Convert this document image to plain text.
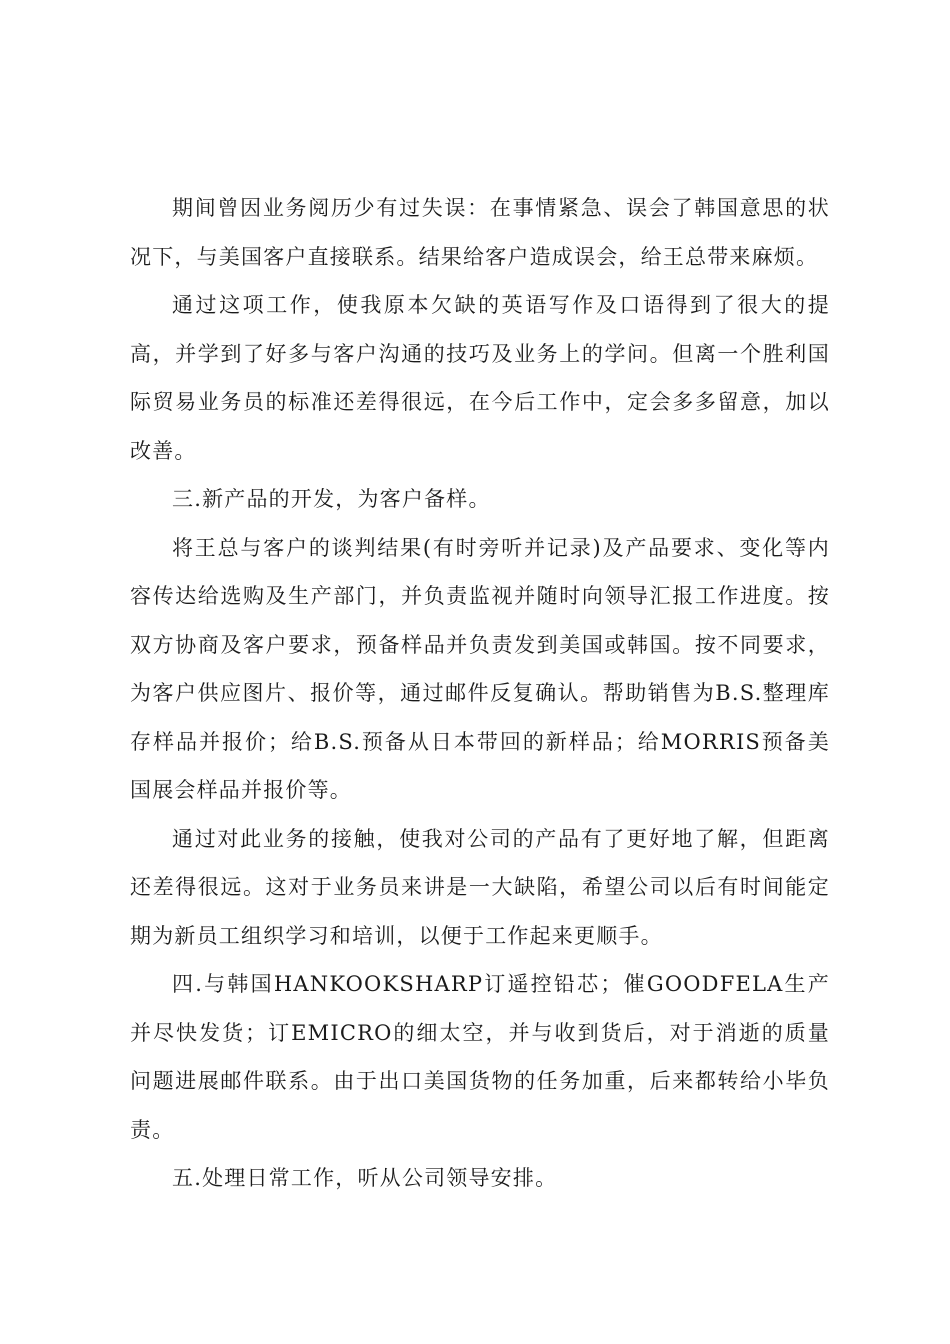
期间曾因业务阅历少有过失误：在事情紧急、误会了韩国意思的状况下，与美国客户直接联系。结果给客户造成误会，给王总带来麻烦。

通过这项工作，使我原本欠缺的英语写作及口语得到了很大的提高，并学到了好多与客户沟通的技巧及业务上的学问。但离一个胜利国际贸易业务员的标准还差得很远，在今后工作中，定会多多留意，加以改善。

三.新产品的开发，为客户备样。

将王总与客户的谈判结果(有时旁听并记录)及产品要求、变化等内容传达给选购及生产部门，并负责监视并随时向领导汇报工作进度。按双方协商及客户要求，预备样品并负责发到美国或韩国。按不同要求，为客户供应图片、报价等，通过邮件反复确认。帮助销售为B.S.整理库存样品并报价；给B.S.预备从日本带回的新样品；给MORRIS预备美国展会样品并报价等。

通过对此业务的接触，使我对公司的产品有了更好地了解，但距离还差得很远。这对于业务员来讲是一大缺陷，希望公司以后有时间能定期为新员工组织学习和培训，以便于工作起来更顺手。

四.与韩国HANKOOKSHARP订遥控铅芯；催GOODFELA生产并尽快发货；订EMICRO的细太空，并与收到货后，对于消逝的质量问题进展邮件联系。由于出口美国货物的任务加重，后来都转给小毕负责。

五.处理日常工作，听从公司领导安排。
